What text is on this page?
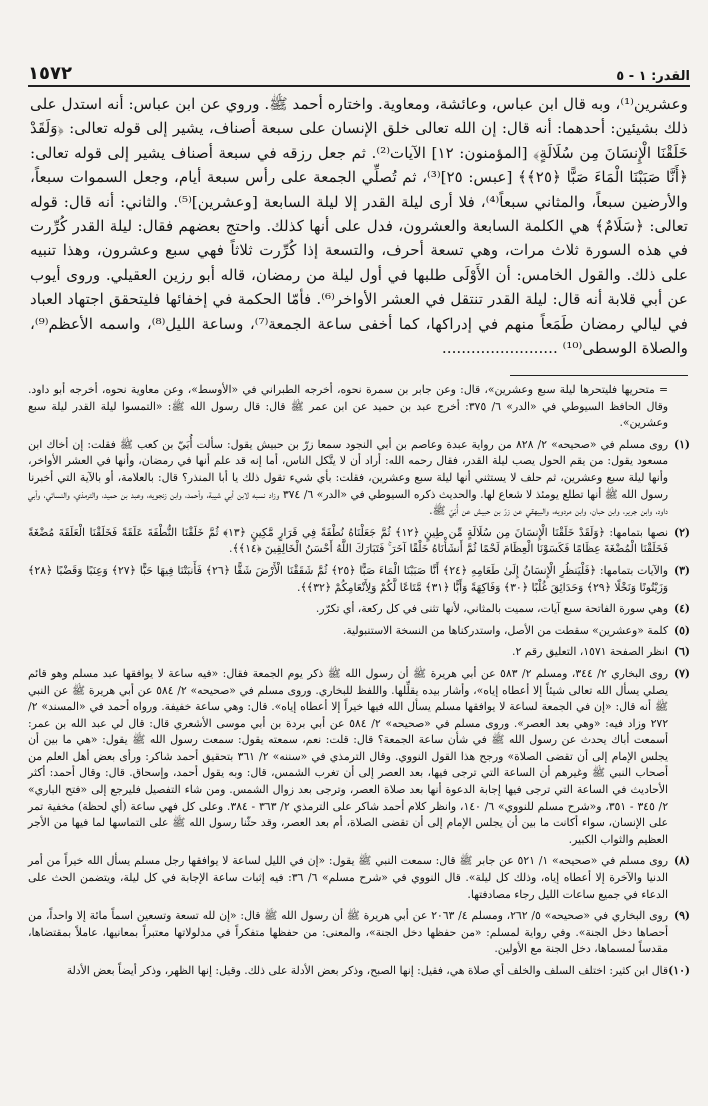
١٥٧٢	القدر: ١ - ٥

وعشرين⁽¹⁾، وبه قال ابن عباس، وعائشة، ومعاوية. واختاره أحمد ﷺ. وروي عن ابن عباس: أنه استدل على ذلك بشيئين: أحدهما: أنه قال: إن الله تعالى خلق الإنسان على سبعة أصناف، يشير إلى قوله تعالى: ﴿وَلَقَدْ خَلَقْنَا الْإِنسَانَ مِن سُلَالَةٍ﴾ [المؤمنون: ١٢] الآيات⁽²⁾. ثم جعل رزقه في سبعة أصناف يشير إلى قوله تعالى: ﴿أَنَّا صَبَبْنَا الْمَاءَ صَبًّا ﴿٢٥﴾﴾ [عبس: ٢٥]⁽³⁾، ثم تُصلِّي الجمعة على رأس سبعة أيام، وجعل السموات سبعاً، والأرضين سبعاً، والمثاني سبعاً⁽⁴⁾، فلا أرى ليلة القدر إلا ليلة السابعة [وعشرين]⁽⁵⁾. والثاني: أنه قال: قوله تعالى: ﴿سَلَامٌ﴾ هي الكلمة السابعة والعشرون، فدل على أنها كذلك. واحتج بعضهم فقال: ليلة القدر كُرِّرت في هذه السورة ثلاث مرات، وهي تسعة أحرف، والتسعة إذا كُرِّرت ثلاثاً فهي سبع وعشرون، وهذا تنبيه على ذلك. والقول الخامس: أن الأَوْلَى طلبها في أول ليلة من رمضان، قاله أبو رزين العقيلي. وروى أيوب عن أبي قلابة أنه قال: ليلة القدر تنتقل في العشر الأواخر⁽⁶⁾. فأمّا الحكمة في إخفائها فليتحقق اجتهاد العباد في ليالي رمضان طَمَعاً منهم في إدراكها، كما أخفى ساعة الجمعة⁽⁷⁾، وساعة الليل⁽⁸⁾، واسمه الأعظم⁽⁹⁾، والصلاة الوسطى⁽¹⁰⁾ ........................

= متحريها فليتحرها ليلة سبع وعشرين»، قال: وعن جابر بن سمرة نحوه، أخرجه الطبراني في «الأوسط»، وعن معاوية نحوه، أخرجه أبو داود. وقال الحافظ السيوطي في «الدر» ٦/ ٣٧٥: أخرج عبد بن حميد عن ابن عمر ﷺ قال: قال رسول الله ﷺ: «التمسوا ليلة القدر ليلة سبع وعشرين».
(١)
روى مسلم في «صحيحه» ٢/ ٨٢٨ من رواية عبدة وعاصم بن أبي النجود سمعا زرّ بن حبيش يقول: سألت أُبَيّ بن كعب ﷺ فقلت: إن أخاك ابن مسعود يقول: من يقم الحول يصب ليلة القدر، فقال رحمه الله: أراد أن لا يتَّكل الناس، أما إنه قد علم أنها في رمضان، وأنها في العشر الأواخر، وأنها ليلة سبع وعشرين، ثم حلف لا يستثني أنها ليلة سبع وعشرين، فقلت: بأي شيء تقول ذلك يا أبا المنذر؟ قال: بالعلامة، أو بالآية التي أخبرنا رسول الله ﷺ أنها تطلع يومئذ لا شعاع لها. والحديث ذكره السيوطي في «الدر» ٦/ ٣٧٤ وزاد نسبه لابن أبي شيبة، وأحمد، وابن زنجويه، وعبد بن حميد، والترمذي، والنسائي، وأبي داود، وابن جرير، وابن حبان، وابن مردويه، والبيهقي عن زرّ بن حبيش عن أُبَيّ ﷺ.
(٢)
نصها بتمامها: ﴿وَلَقَدْ خَلَقْنَا الْإِنسَانَ مِن سُلَالَةٍ مِّن طِينٍ ﴿١٢﴾ ثُمَّ جَعَلْنَاهُ نُطْفَةً فِي قَرَارٍ مَّكِينٍ ﴿١٣﴾ ثُمَّ خَلَقْنَا النُّطْفَةَ عَلَقَةً فَخَلَقْنَا الْعَلَقَةَ مُضْغَةً فَخَلَقْنَا الْمُضْغَةَ عِظَامًا فَكَسَوْنَا الْعِظَامَ لَحْمًا ثُمَّ أَنشَأْنَاهُ خَلْقًا آخَرَ ۚ فَتَبَارَكَ اللَّهُ أَحْسَنُ الْخَالِقِينَ ﴿١٤﴾﴾.
(٣)
والآيات بتمامها: ﴿فَلْيَنظُرِ الْإِنسَانُ إِلَىٰ طَعَامِهِ ﴿٢٤﴾ أَنَّا صَبَبْنَا الْمَاءَ صَبًّا ﴿٢٥﴾ ثُمَّ شَقَقْنَا الْأَرْضَ شَقًّا ﴿٢٦﴾ فَأَنبَتْنَا فِيهَا حَبًّا ﴿٢٧﴾ وَعِنَبًا وَقَضْبًا ﴿٢٨﴾ وَزَيْتُونًا وَنَخْلًا ﴿٢٩﴾ وَحَدَائِقَ غُلْبًا ﴿٣٠﴾ وَفَاكِهَةً وَأَبًّا ﴿٣١﴾ مَّتَاعًا لَّكُمْ وَلِأَنْعَامِكُمْ ﴿٣٢﴾﴾.
(٤)
وهي سورة الفاتحة سبع آيات، سميت بالمثاني، لأنها تثنى في كل ركعة، أي تكرّر.
(٥)
كلمة «وعشرين» سقطت من الأصل، واستدركناها من النسخة الاستنبولية.
(٦)
انظر الصفحة ١٥٧١، التعليق رقم ٢.
(٧)
روى البخاري ٢/ ٣٤٤، ومسلم ٢/ ٥٨٣ عن أبي هريرة ﷺ أن رسول الله ﷺ ذكر يوم الجمعة فقال: «فيه ساعة لا يوافقها عبد مسلم وهو قائم يصلي يسأل الله تعالى شيئاً إلا أعطاه إياه»، وأشار بيده يقلِّلها. واللفظ للبخاري. وروى مسلم في «صحيحه» ٢/ ٥٨٤ عن أبي هريرة ﷺ عن النبي ﷺ أنه قال: «إن في الجمعة لساعة لا يوافقها مسلم يسأل الله فيها خيراً إلا أعطاه إياه». قال: وهي ساعة خفيفة. ورواه أحمد في «المسند» ٢/ ٢٧٢ وزاد فيه: «وهي بعد العصر». وروى مسلم في «صحيحه» ٢/ ٥٨٤ عن أبي بردة بن أبي موسى الأشعري قال: قال لي عبد الله بن عمر: أسمعت أباك يحدث عن رسول الله ﷺ في شأن ساعة الجمعة؟ قال: قلت: نعم، سمعته يقول: سمعت رسول الله ﷺ يقول: «هي ما بين أن يجلس الإمام إلى أن تقضى الصلاة» ورجح هذا القول النووي. وقال الترمذي في «سننه» ٢/ ٣٦١ بتحقيق أحمد شاكر: ورأى بعض أهل العلم من أصحاب النبي ﷺ وغيرهم أن الساعة التي ترجى فيها، بعد العصر إلى أن تغرب الشمس، قال: وبه يقول أحمد، وإسحاق. قال: وقال أحمد: أكثر الأحاديث في الساعة التي ترجى فيها إجابة الدعوة أنها بعد صلاة العصر، وترجى بعد زوال الشمس. ومن شاء التفصيل فليرجع إلى «فتح الباري» ٢/ ٣٤٥ - ٣٥١، و«شرح مسلم للنووي» ٦/ ١٤٠، وانظر كلام أحمد شاكر على الترمذي ٢/ ٣٦٣ - ٣٨٤. وعلى كل فهي ساعة (أي لحظة) مخفية تمر على الإنسان، سواء أكانت ما بين أن يجلس الإمام إلى أن تقضى الصلاة، أم بعد العصر، وقد حثّنا رسول الله ﷺ على التماسها لما فيها من الأجر العظيم والثواب الكبير.
(٨)
روى مسلم في «صحيحه» ١/ ٥٢١ عن جابر ﷺ قال: سمعت النبي ﷺ يقول: «إن في الليل لساعة لا يوافقها رجل مسلم يسأل الله خيراً من أمر الدنيا والآخرة إلا أعطاه إياه، وذلك كل ليلة». قال النووي في «شرح مسلم» ٦/ ٣٦: فيه إثبات ساعة الإجابة في كل ليلة، ويتضمن الحث على الدعاء في جميع ساعات الليل رجاء مصادفتها.
(٩)
روى البخاري في «صحيحه» ٥/ ٢٦٢، ومسلم ٤/ ٢٠٦٣ عن أبي هريرة ﷺ أن رسول الله ﷺ قال: «إن لله تسعة وتسعين اسماً مائة إلا واحداً، من أحصاها دخل الجنة». وفي رواية لمسلم: «من حفظها دخل الجنة»، والمعنى: من حفظها متفكراً في مدلولاتها معتبراً بمعانيها، عاملاً بمقتضاها، مقدساً لمسماها، دخل الجنة مع الأولين.
(١٠)
قال ابن كثير: اختلف السلف والخلف أي صلاة هي، فقيل: إنها الصبح، وذكر بعض الأدلة على ذلك. وقيل: إنها الظهر، وذكر أيضاً بعض الأدلة
